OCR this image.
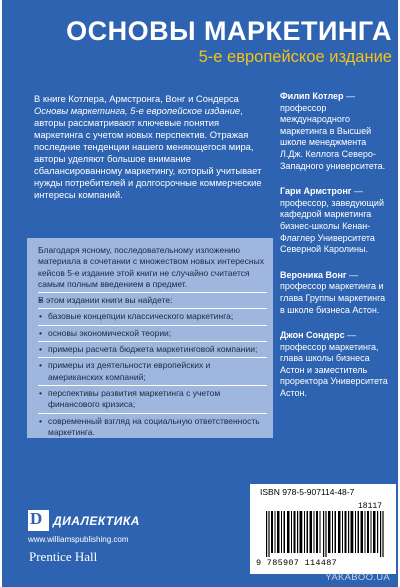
ОСНОВЫ МАРКЕТИНГА
5-е европейское издание
В книге Котлера, Армстронга, Вонг и Сондерса Основы маркетинга, 5-е европейское издание, авторы рассматривают ключевые понятия маркетинга с учетом новых перспектив. Отражая последние тенденции нашего меняющегося мира, авторы уделяют большое внимание сбалансированному маркетингу, который учитывает нужды потребителей и долгосрочные коммерческие интересы компаний.
Филип Котлер — профессор международного маркетинга в Высшей школе менеджмента Л.Дж. Келлога Северо-Западного университета.
Гари Армстронг — профессор, заведующий кафедрой маркетинга бизнес-школы Кенан-Флаглер Университета Северной Каролины.
Вероника Вонг — профессор маркетинга и глава Группы маркетинга в школе бизнеса Астон.
Джон Сондерс — профессор маркетинга, глава школы бизнеса Астон и заместитель проректора Университета Астон.

Благодаря ясному, последовательному изложению материала в сочетании с множеством новых интересных кейсов 5-е издание этой книги не случайно считается самым полным введением в предмет.

• В этом издании книги вы найдете:
• базовые концепции классического маркетинга;
• основы экономической теории;
• примеры расчета бюджета маркетинговой компании;
• примеры из деятельности европейских и американских компаний;
• перспективы развития маркетинга с учетом финансового кризиса;
• современный взгляд на социальную ответственность маркетинга.
ISBN 978-5-907114-48-7
18117
9 785907 114487
D ДИАЛЕКТИКА
www.williamspublishing.com
Prentice Hall
YAKABOO.UA
